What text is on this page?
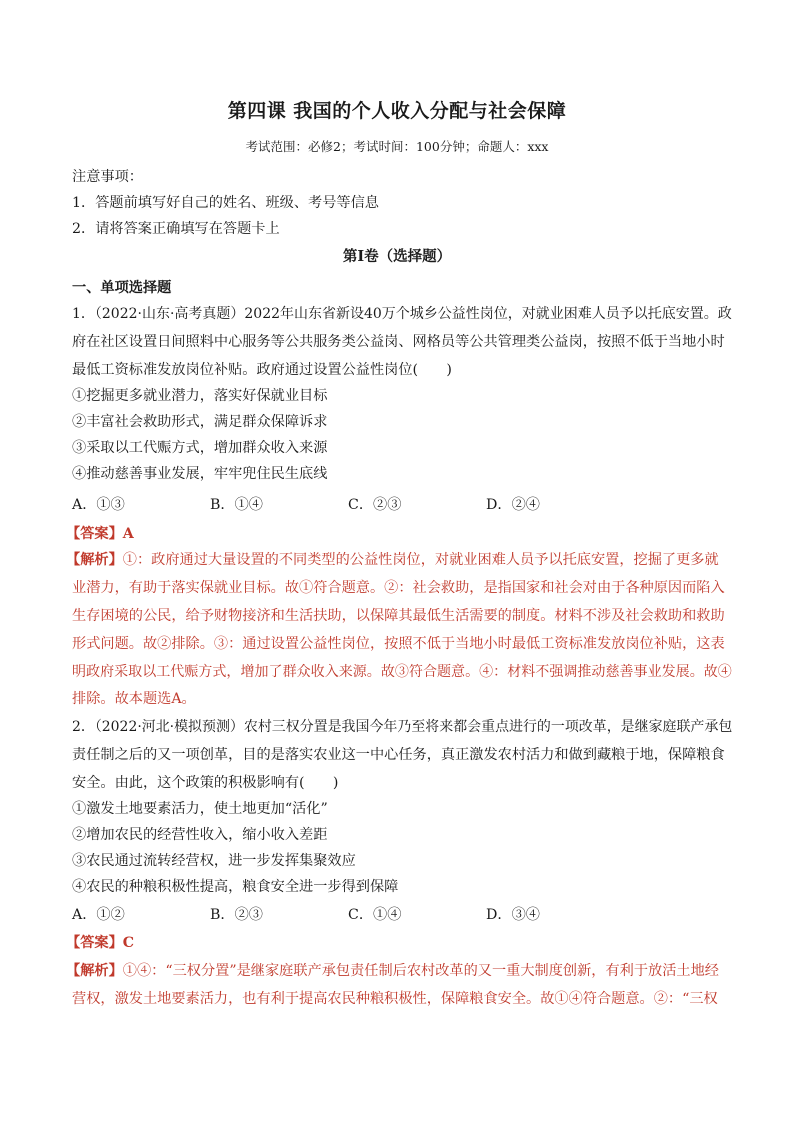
第四课 我国的个人收入分配与社会保障
考试范围：必修2；考试时间：100分钟；命题人：xxx
注意事项：
1．答题前填写好自己的姓名、班级、考号等信息
2．请将答案正确填写在答题卡上
第I卷（选择题）
一、单项选择题
1．（2022·山东·高考真题）2022年山东省新设40万个城乡公益性岗位，对就业困难人员予以托底安置。政
府在社区设置日间照料中心服务等公共服务类公益岗、网格员等公共管理类公益岗，按照不低于当地小时
最低工资标准发放岗位补贴。政府通过设置公益性岗位(　　)
①挖掘更多就业潜力，落实好保就业目标
②丰富社会救助形式，满足群众保障诉求
③采取以工代赈方式，增加群众收入来源
④推动慈善事业发展，牢牢兜住民生底线
A．①③	B．①④	C．②③	D．②④
【答案】A
【解析】①：政府通过大量设置的不同类型的公益性岗位，对就业困难人员予以托底安置，挖掘了更多就
业潜力，有助于落实保就业目标。故①符合题意。②：社会救助，是指国家和社会对由于各种原因而陷入
生存困境的公民，给予财物接济和生活扶助，以保障其最低生活需要的制度。材料不涉及社会救助和救助
形式问题。故②排除。③：通过设置公益性岗位，按照不低于当地小时最低工资标准发放岗位补贴，这表
明政府采取以工代赈方式，增加了群众收入来源。故③符合题意。④：材料不强调推动慈善事业发展。故④
排除。故本题选A。
2．（2022·河北·模拟预测）农村三权分置是我国今年乃至将来都会重点进行的一项改革，是继家庭联产承包
责任制之后的又一项创革，目的是落实农业这一中心任务，真正激发农村活力和做到藏粮于地，保障粮食
安全。由此，这个政策的积极影响有(　　)
①激发土地要素活力，使土地更加“活化”
②增加农民的经营性收入，缩小收入差距
③农民通过流转经营权，进一步发挥集聚效应
④农民的种粮积极性提高，粮食安全进一步得到保障
A．①②	B．②③	C．①④	D．③④
【答案】C
【解析】①④：“三权分置”是继家庭联产承包责任制后农村改革的又一重大制度创新，有利于放活土地经
营权，激发土地要素活力，也有利于提高农民种粮积极性，保障粮食安全。故①④符合题意。②：“三权
